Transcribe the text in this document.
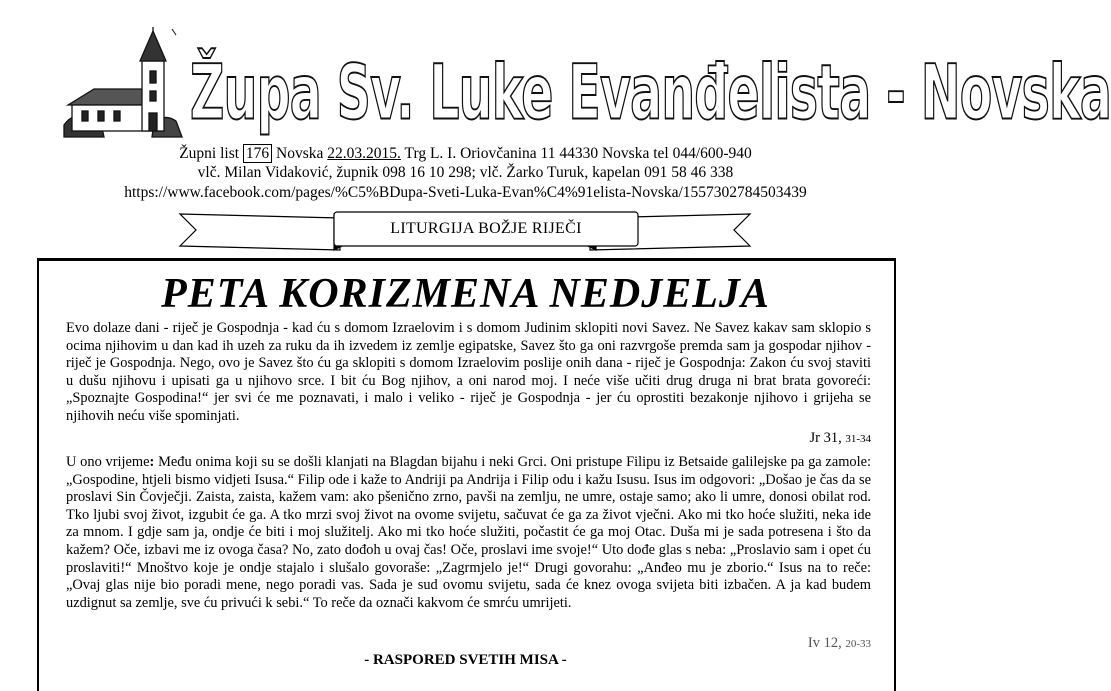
Župa Sv. Luke Evanđelista - Novska
Župni list 176 Novska 22.03.2015. Trg L. I. Oriovčanina 11 44330 Novska tel 044/600-940
vlč. Milan Vidaković, župnik 098 16 10 298; vlč. Žarko Turuk, kapelan 091 58 46 338
https://www.facebook.com/pages/%C5%BDupa-Sveti-Luka-Evan%C4%91elista-Novska/1557302784503439
LITURGIJA BOŽJE RIJEČI
PETA KORIZMENA NEDJELJA

Evo dolaze dani - riječ je Gospodnja - kad ću s domom Izraelovim i s domom Judinim sklopiti novi Savez. Ne Savez kakav sam sklopio s ocima njihovim u dan kad ih uzeh za ruku da ih izvedem iz zemlje egipatske, Savez što ga oni razvrgoše premda sam ja gospodar njihov - riječ je Gospodnja. Nego, ovo je Savez što ću ga sklopiti s domom Izraelovim poslije onih dana - riječ je Gospodnja: Zakon ću svoj staviti u dušu njihovu i upisati ga u njihovo srce. I bit ću Bog njihov, a oni narod moj. I neće više učiti drug druga ni brat brata govoreći: „Spoznajte Gospodina!“ jer svi će me poznavati, i malo i veliko - riječ je Gospodnja - jer ću oprostiti bezakonje njihovo i grijeha se njihovih neću više spominjati.

Jr 31, 31-34

U ono vrijeme: Među onima koji su se došli klanjati na Blagdan bijahu i neki Grci. Oni pristupe Filipu iz Betsaide galilejske pa ga zamole: „Gospodine, htjeli bismo vidjeti Isusa.“ Filip ode i kaže to Andriji pa Andrija i Filip odu i kažu Isusu. Isus im odgovori: „Došao je čas da se proslavi Sin Čovječji. Zaista, zaista, kažem vam: ako pšenično zrno, pavši na zemlju, ne umre, ostaje samo; ako li umre, donosi obilat rod. Tko ljubi svoj život, izgubit će ga. A tko mrzi svoj život na ovome svijetu, sačuvat će ga za život vječni. Ako mi tko hoće služiti, neka ide za mnom. I gdje sam ja, ondje će biti i moj služitelj. Ako mi tko hoće služiti, počastit će ga moj Otac. Duša mi je sada potresena i što da kažem? Oče, izbavi me iz ovoga časa? No, zato dođoh u ovaj čas! Oče, proslavi ime svoje!“ Uto dođe glas s neba: „Proslavio sam i opet ću proslaviti!“ Mnoštvo koje je ondje stajalo i slušalo govoraše: „Zagrmjelo je!“ Drugi govorahu: „Anđeo mu je zborio.“ Isus na to reče: „Ovaj glas nije bio poradi mene, nego poradi vas. Sada je sud ovomu svijetu, sada će knez ovoga svijeta biti izbačen. A ja kad budem uzdignut sa zemlje, sve ću privući k sebi.“ To reče da označi kakvom će smrću umrijeti.

Iv 12, 20-33
- RASPORED SVETIH MISA -
